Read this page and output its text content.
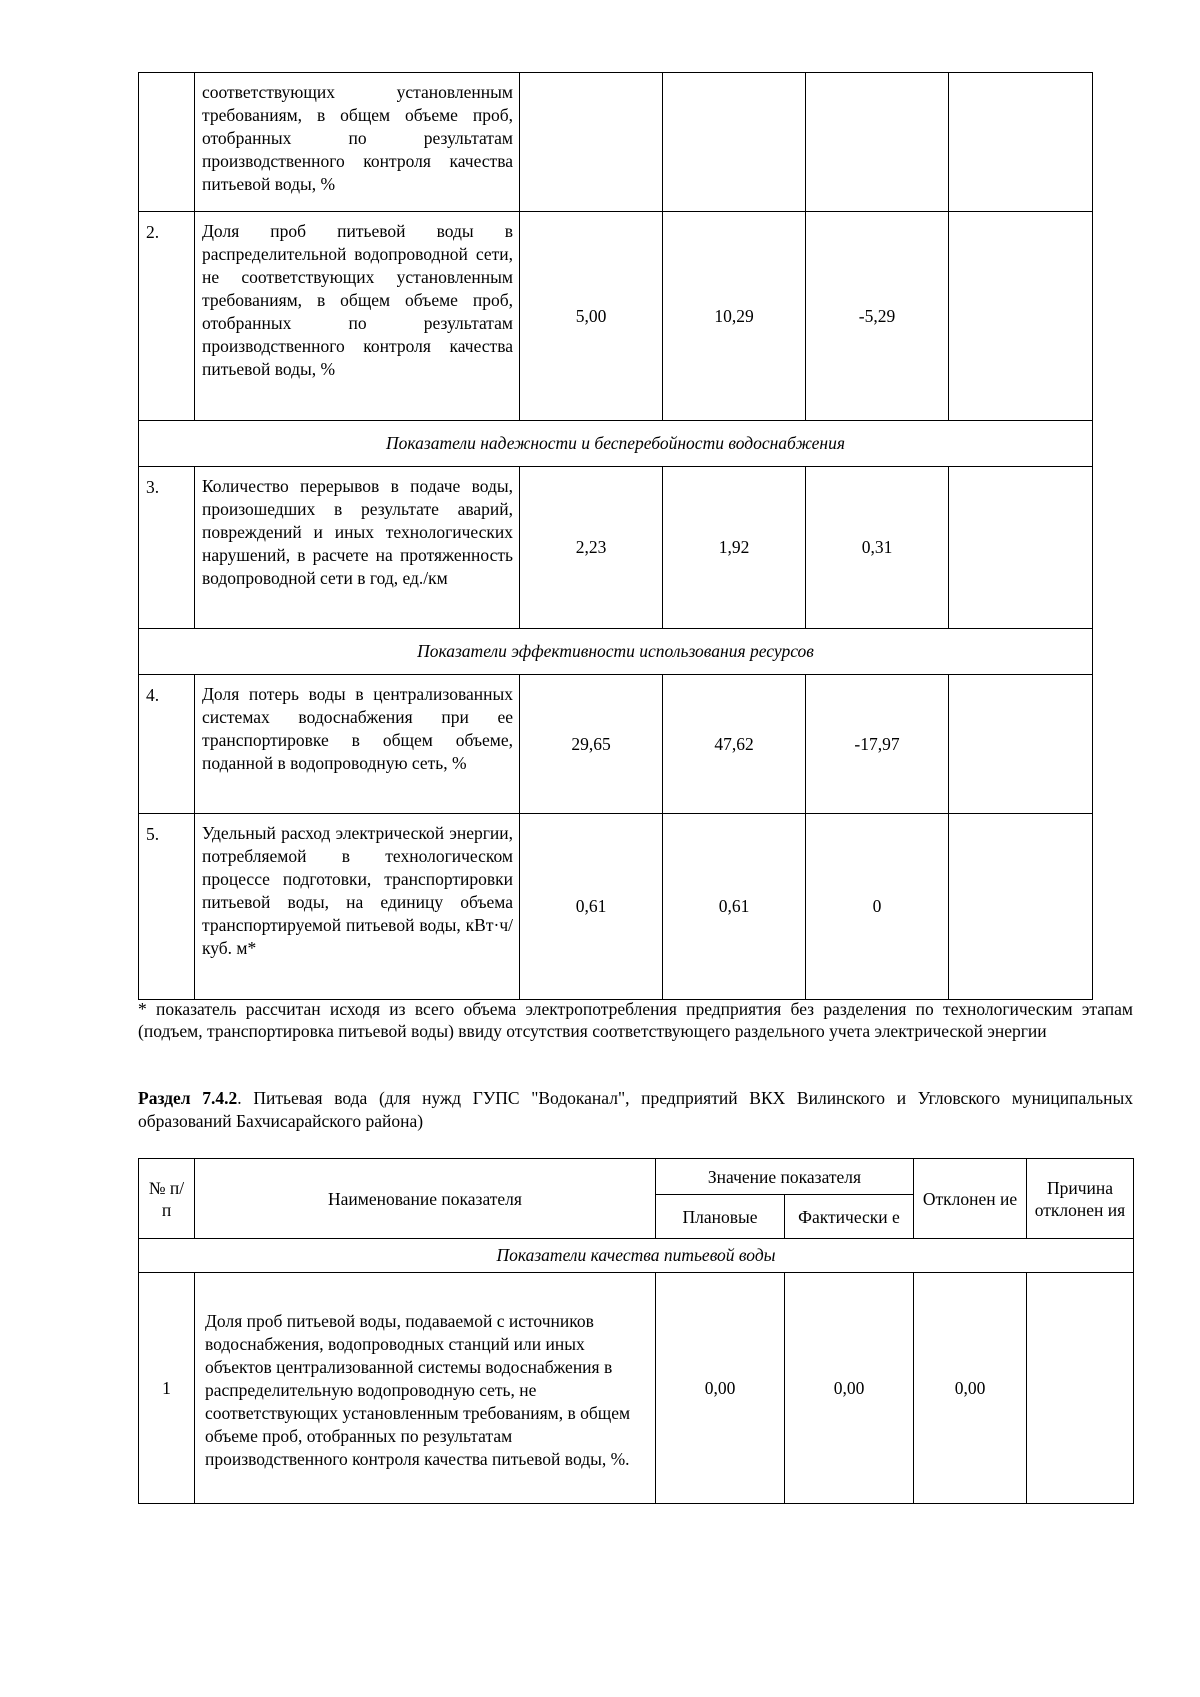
	соответствующих установленным требованиям, в общем объеме проб, отобранных по результатам производственного контроля качества питьевой воды, %				
2.	Доля проб питьевой воды в распределительной водопроводной сети, не соответствующих установленным требованиям, в общем объеме проб, отобранных по результатам производственного контроля качества питьевой воды, %	5,00	10,29	-5,29	
Показатели надежности и бесперебойности водоснабжения					
3.	Количество перерывов в подаче воды, произошедших в результате аварий, повреждений и иных технологических нарушений, в расчете на протяженность водопроводной сети в год, ед./км	2,23	1,92	0,31	
Показатели эффективности использования ресурсов					
4.	Доля потерь воды в централизованных системах водоснабжения при ее транспортировке в общем объеме, поданной в водопроводную сеть, %	29,65	47,62	-17,97	
5.	Удельный расход электрической энергии, потребляемой в технологическом процессе подготовки, транспортировки питьевой воды, на единицу объема транспортируемой питьевой воды, кВт·ч/куб. м*	0,61	0,61	0	
* показатель рассчитан исходя из всего объема электропотребления предприятия без разделения по технологическим этапам (подъем, транспортировка питьевой воды) ввиду отсутствия соответствующего раздельного учета электрической энергии
Раздел 7.4.2. Питьевая вода (для нужд ГУПС "Водоканал", предприятий ВКХ Вилинского и Угловского муниципальных образований Бахчисарайского района)
№ п/п	Наименование показателя	Значение показателя		Отклонен ие	Причина отклонен ия
		Плановые	Фактически е		
Показатели качества питьевой воды					
1	Доля проб питьевой воды, подаваемой с источников водоснабжения, водопроводных станций или иных объектов централизованной системы водоснабжения в распределительную водопроводную сеть, не соответствующих установленным требованиям, в общем объеме проб, отобранных по результатам производственного контроля качества питьевой воды, %.	0,00	0,00	0,00	
